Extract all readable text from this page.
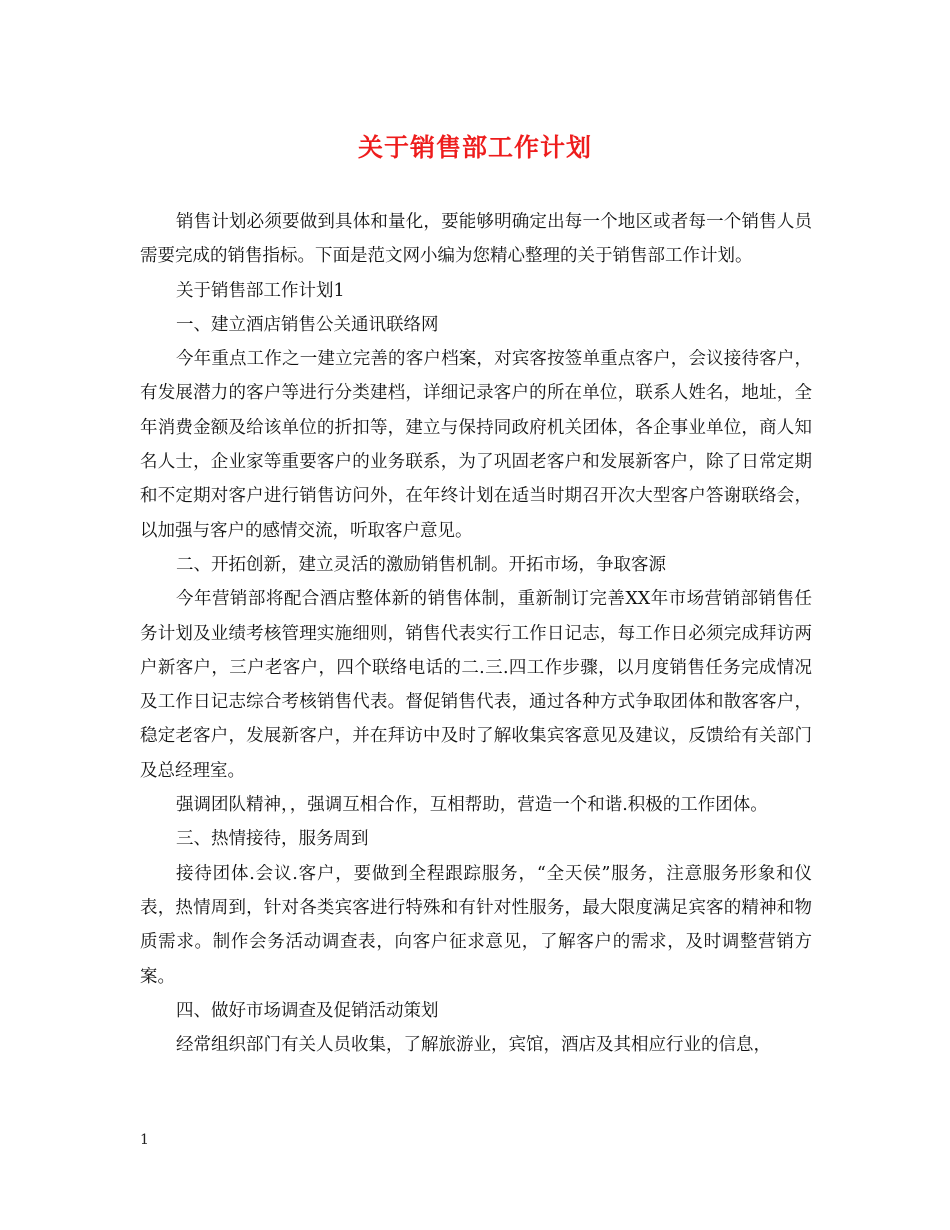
关于销售部工作计划

销售计划必须要做到具体和量化，要能够明确定出每一个地区或者每一个销售人员需要完成的销售指标。下面是范文网小编为您精心整理的关于销售部工作计划。

关于销售部工作计划1

一、建立酒店销售公关通讯联络网

今年重点工作之一建立完善的客户档案，对宾客按签单重点客户，会议接待客户，有发展潜力的客户等进行分类建档，详细记录客户的所在单位，联系人姓名，地址，全年消费金额及给该单位的折扣等，建立与保持同政府机关团体，各企事业单位，商人知名人士，企业家等重要客户的业务联系，为了巩固老客户和发展新客户，除了日常定期和不定期对客户进行销售访问外，在年终计划在适当时期召开次大型客户答谢联络会，以加强与客户的感情交流，听取客户意见。

二、开拓创新，建立灵活的激励销售机制。开拓市场，争取客源

今年营销部将配合酒店整体新的销售体制，重新制订完善XX年市场营销部销售任务计划及业绩考核管理实施细则，销售代表实行工作日记志，每工作日必须完成拜访两户新客户，三户老客户，四个联络电话的二.三.四工作步骤，以月度销售任务完成情况及工作日记志综合考核销售代表。督促销售代表，通过各种方式争取团体和散客客户，稳定老客户，发展新客户，并在拜访中及时了解收集宾客意见及建议，反馈给有关部门及总经理室。

强调团队精神，，强调互相合作，互相帮助，营造一个和谐.积极的工作团体。

三、热情接待，服务周到

接待团体.会议.客户，要做到全程跟踪服务，“全天侯”服务，注意服务形象和仪表，热情周到，针对各类宾客进行特殊和有针对性服务，最大限度满足宾客的精神和物质需求。制作会务活动调查表，向客户征求意见，了解客户的需求，及时调整营销方案。

四、做好市场调查及促销活动策划

经常组织部门有关人员收集，了解旅游业，宾馆，酒店及其相应行业的信息，

1
